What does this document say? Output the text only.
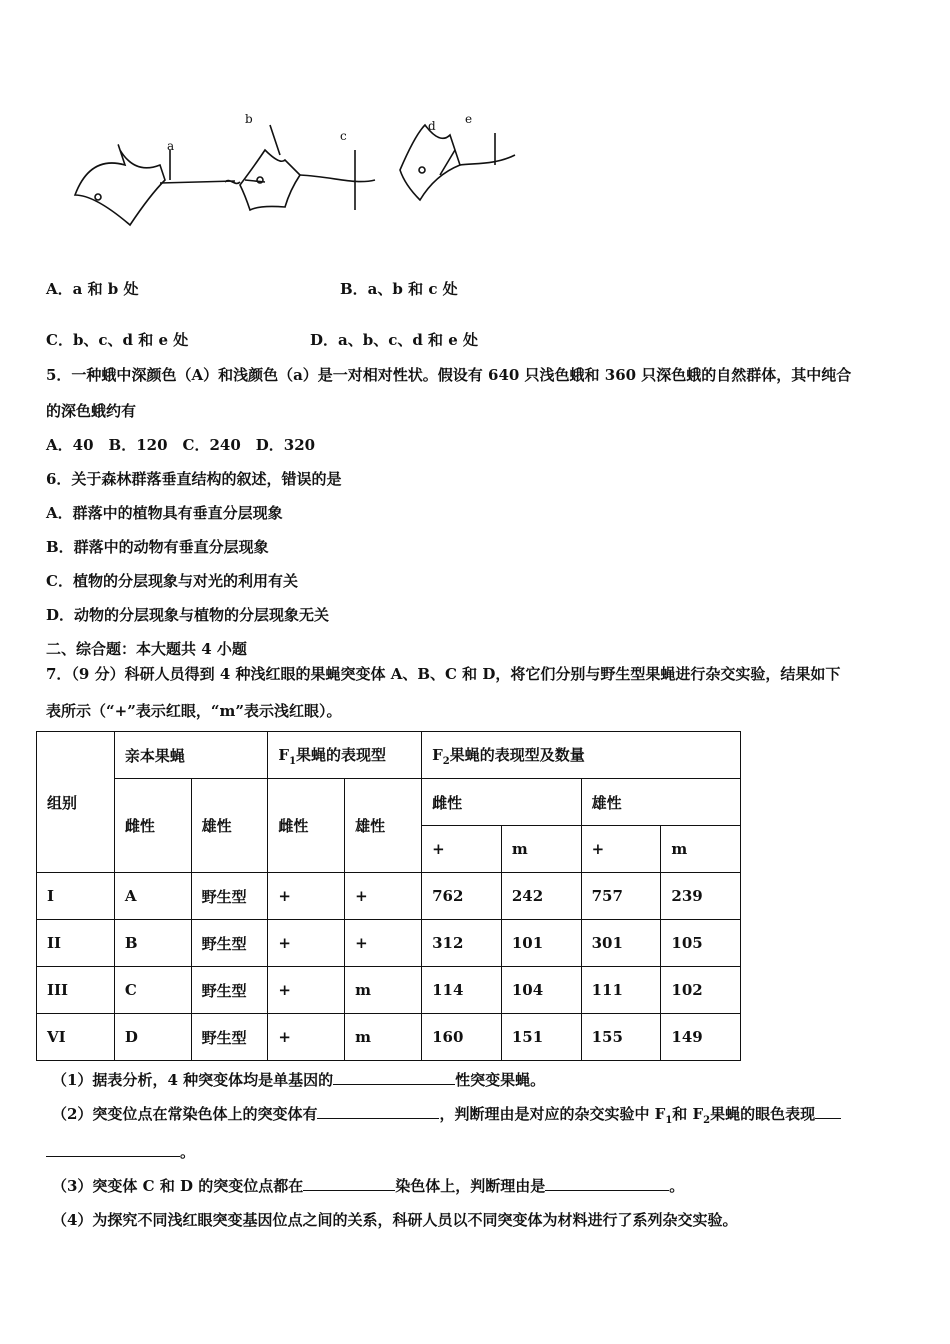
a
b
c
d e
A．a 和 b 处	B．a、b 和 c 处
C．b、c、d 和 e 处	D．a、b、c、d 和 e 处
5．一种蛾中深颜色（A）和浅颜色（a）是一对相对性状。假设有 640 只浅色蛾和 360 只深色蛾的自然群体，其中纯合
的深色蛾约有
A．40　B．120　C．240　D．320
6．关于森林群落垂直结构的叙述，错误的是
A．群落中的植物具有垂直分层现象
B．群落中的动物有垂直分层现象
C．植物的分层现象与对光的利用有关
D．动物的分层现象与植物的分层现象无关
二、综合题：本大题共 4 小题
7．（9 分）科研人员得到 4 种浅红眼的果蝇突变体 A、B、C 和 D，将它们分别与野生型果蝇进行杂交实验，结果如下
表所示（“+”表示红眼，“m”表示浅红眼）。
组别	亲本果蝇		$F_1$果蝇的表现型		$F_2$果蝇的表现型及数量			
	雌性	雄性	雌性	雄性	雌性		雄性	
					+	m	+	m
I	A	野生型	+	+	762	242	757	239
II	B	野生型	+	+	312	101	301	105
III	C	野生型	+	m	114	104	111	102
VI	D	野生型	+	m	160	151	155	149
（1）据表分析，4 种突变体均是单基因的	性突变果蝇。
（2）突变位点在常染色体上的突变体有	，判断理由是对应的杂交实验中 $F_1$和 $F_2$果蝇的眼色表现
。
（3）突变体 C 和 D 的突变位点都在	染色体上，判断理由是	。
（4）为探究不同浅红眼突变基因位点之间的关系，科研人员以不同突变体为材料进行了系列杂交实验。
